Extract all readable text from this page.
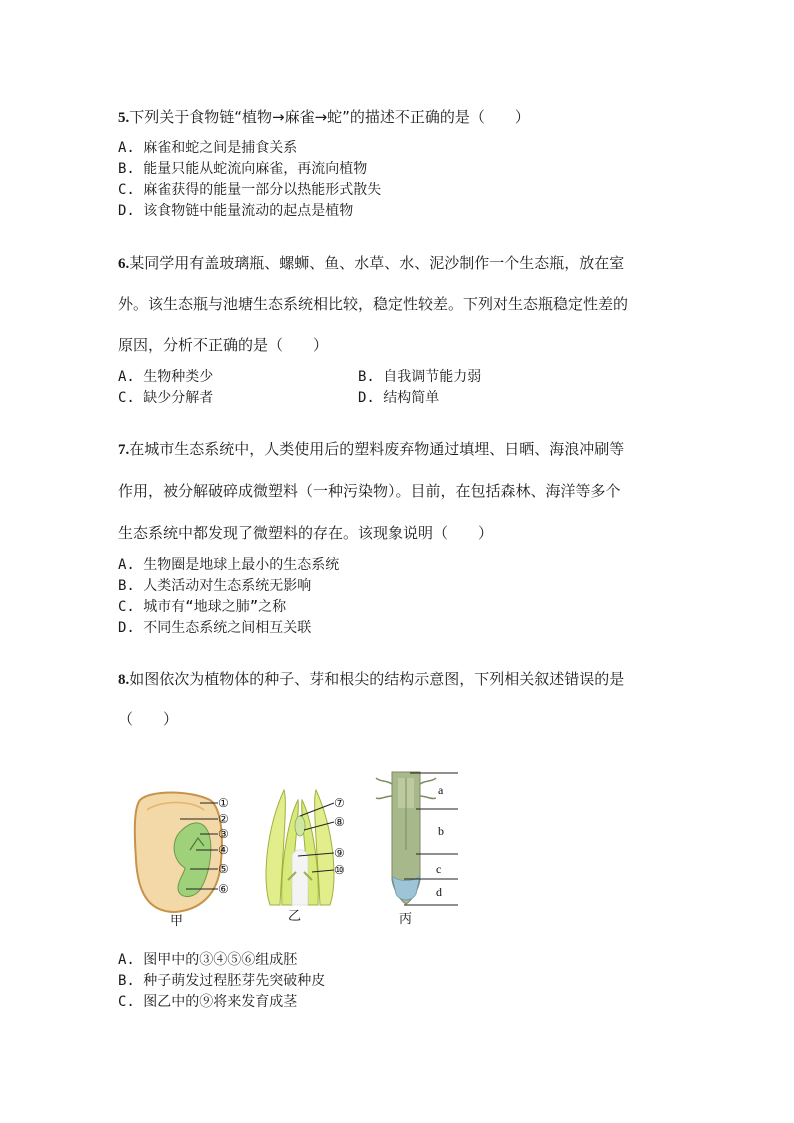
5.下列关于食物链“植物→麻雀→蛇”的描述不正确的是（　　）
A. 麻雀和蛇之间是捕食关系
B. 能量只能从蛇流向麻雀，再流向植物
C. 麻雀获得的能量一部分以热能形式散失
D. 该食物链中能量流动的起点是植物
6.某同学用有盖玻璃瓶、螺蛳、鱼、水草、水、泥沙制作一个生态瓶，放在室
外。该生态瓶与池塘生态系统相比较，稳定性较差。下列对生态瓶稳定性差的
原因，分析不正确的是（　　）
A. 生物种类少	B. 自我调节能力弱
C. 缺少分解者	D. 结构简单
7.在城市生态系统中，人类使用后的塑料废弃物通过填埋、日晒、海浪冲刷等
作用，被分解破碎成微塑料（一种污染物）。目前，在包括森林、海洋等多个
生态系统中都发现了微塑料的存在。该现象说明（　　）
A. 生物圈是地球上最小的生态系统
B. 人类活动对生态系统无影响
C. 城市有“地球之肺”之称
D. 不同生态系统之间相互关联
8.如图依次为植物体的种子、芽和根尖的结构示意图，下列相关叙述错误的是
（　　）
①
②
③
④
⑤
⑥
甲
⑦
⑧
⑨
⑩
乙
a
b
c
d
丙
A. 图甲中的③④⑤⑥组成胚
B. 种子萌发过程胚芽先突破种皮
C. 图乙中的⑨将来发育成茎
